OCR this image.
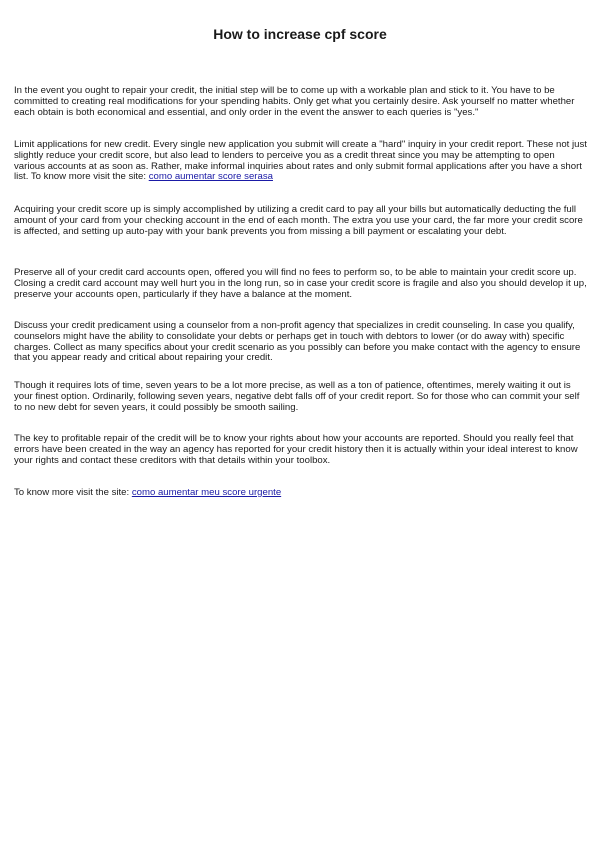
How to increase cpf score

In the event you ought to repair your credit, the initial step will be to come up with a workable plan and stick to it. You have to be committed to creating real modifications for your spending habits. Only get what you certainly desire. Ask yourself no matter whether each obtain is both economical and essential, and only order in the event the answer to each queries is "yes."

Limit applications for new credit. Every single new application you submit will create a "hard" inquiry in your credit report. These not just slightly reduce your credit score, but also lead to lenders to perceive you as a credit threat since you may be attempting to open various accounts at as soon as. Rather, make informal inquiries about rates and only submit formal applications after you have a short list. To know more visit the site: como aumentar score serasa

Acquiring your credit score up is simply accomplished by utilizing a credit card to pay all your bills but automatically deducting the full amount of your card from your checking account in the end of each month. The extra you use your card, the far more your credit score is affected, and setting up auto-pay with your bank prevents you from missing a bill payment or escalating your debt.

Preserve all of your credit card accounts open, offered you will find no fees to perform so, to be able to maintain your credit score up. Closing a credit card account may well hurt you in the long run, so in case your credit score is fragile and also you should develop it up, preserve your accounts open, particularly if they have a balance at the moment.

Discuss your credit predicament using a counselor from a non-profit agency that specializes in credit counseling. In case you qualify, counselors might have the ability to consolidate your debts or perhaps get in touch with debtors to lower (or do away with) specific charges. Collect as many specifics about your credit scenario as you possibly can before you make contact with the agency to ensure that you appear ready and critical about repairing your credit.

Though it requires lots of time, seven years to be a lot more precise, as well as a ton of patience, oftentimes, merely waiting it out is your finest option. Ordinarily, following seven years, negative debt falls off of your credit report. So for those who can commit your self to no new debt for seven years, it could possibly be smooth sailing.

The key to profitable repair of the credit will be to know your rights about how your accounts are reported. Should you really feel that errors have been created in the way an agency has reported for your credit history then it is actually within your ideal interest to know your rights and contact these creditors with that details within your toolbox.

To know more visit the site: como aumentar meu score urgente
